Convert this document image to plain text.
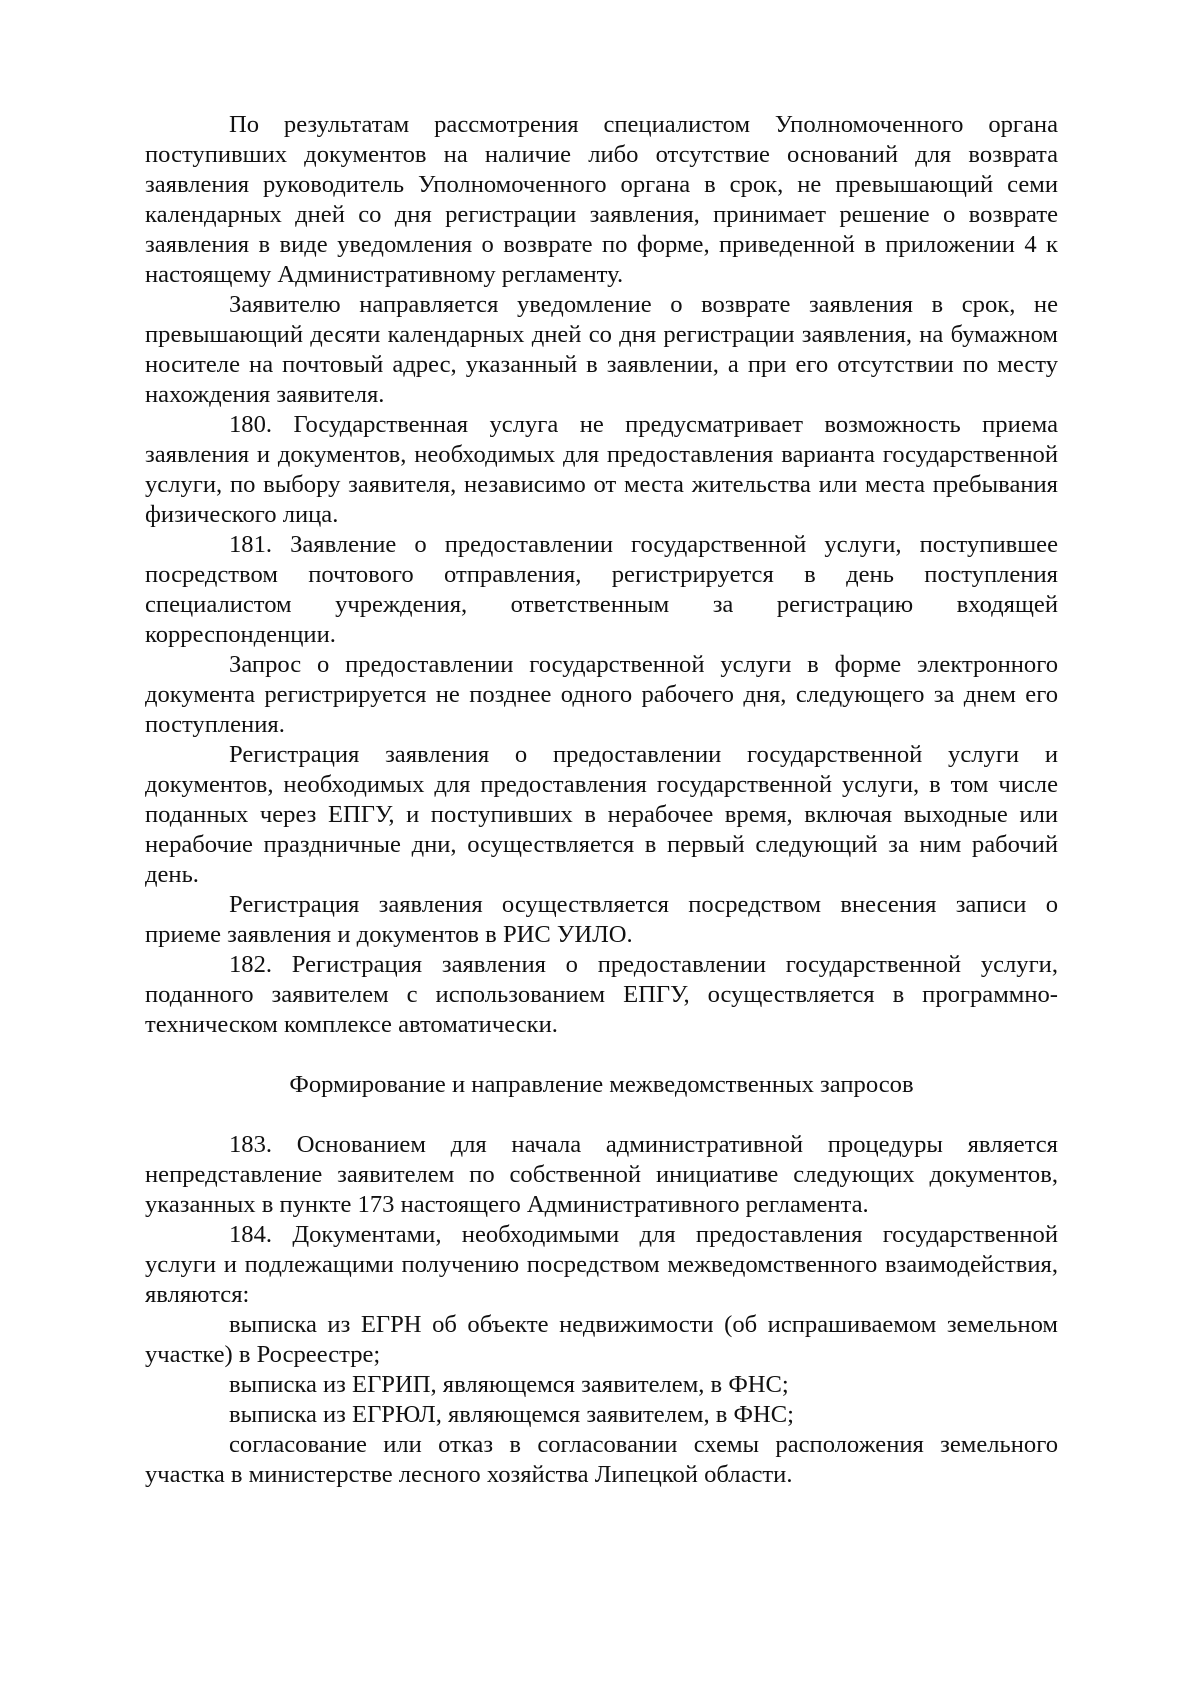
По результатам рассмотрения специалистом Уполномоченного органа поступивших документов на наличие либо отсутствие оснований для возврата заявления руководитель Уполномоченного органа в срок, не превышающий семи календарных дней со дня регистрации заявления, принимает решение о возврате заявления в виде уведомления о возврате по форме, приведенной в приложении 4 к настоящему Административному регламенту.

Заявителю направляется уведомление о возврате заявления в срок, не превышающий десяти календарных дней со дня регистрации заявления, на бумажном носителе на почтовый адрес, указанный в заявлении, а при его отсутствии по месту нахождения заявителя.

180. Государственная услуга не предусматривает возможность приема заявления и документов, необходимых для предоставления варианта государственной услуги, по выбору заявителя, независимо от места жительства или места пребывания физического лица.

181. Заявление о предоставлении государственной услуги, поступившее посредством почтового отправления, регистрируется в день поступления специалистом учреждения, ответственным за регистрацию входящей корреспонденции.

Запрос о предоставлении государственной услуги в форме электронного документа регистрируется не позднее одного рабочего дня, следующего за днем его поступления.

Регистрация заявления о предоставлении государственной услуги и документов, необходимых для предоставления государственной услуги, в том числе поданных через ЕПГУ, и поступивших в нерабочее время, включая выходные или нерабочие праздничные дни, осуществляется в первый следующий за ним рабочий день.

Регистрация заявления осуществляется посредством внесения записи о приеме заявления и документов в РИС УИЛО.

182. Регистрация заявления о предоставлении государственной услуги, поданного заявителем с использованием ЕПГУ, осуществляется в программно-техническом комплексе автоматически.

Формирование и направление межведомственных запросов

183. Основанием для начала административной процедуры является непредставление заявителем по собственной инициативе следующих документов, указанных в пункте 173 настоящего Административного регламента.

184. Документами, необходимыми для предоставления государственной услуги и подлежащими получению посредством межведомственного взаимодействия, являются:

выписка из ЕГРН об объекте недвижимости (об испрашиваемом земельном участке) в Росреестре;

выписка из ЕГРИП, являющемся заявителем, в ФНС;

выписка из ЕГРЮЛ, являющемся заявителем, в ФНС;

согласование или отказ в согласовании схемы расположения земельного участка в министерстве лесного хозяйства Липецкой области.
